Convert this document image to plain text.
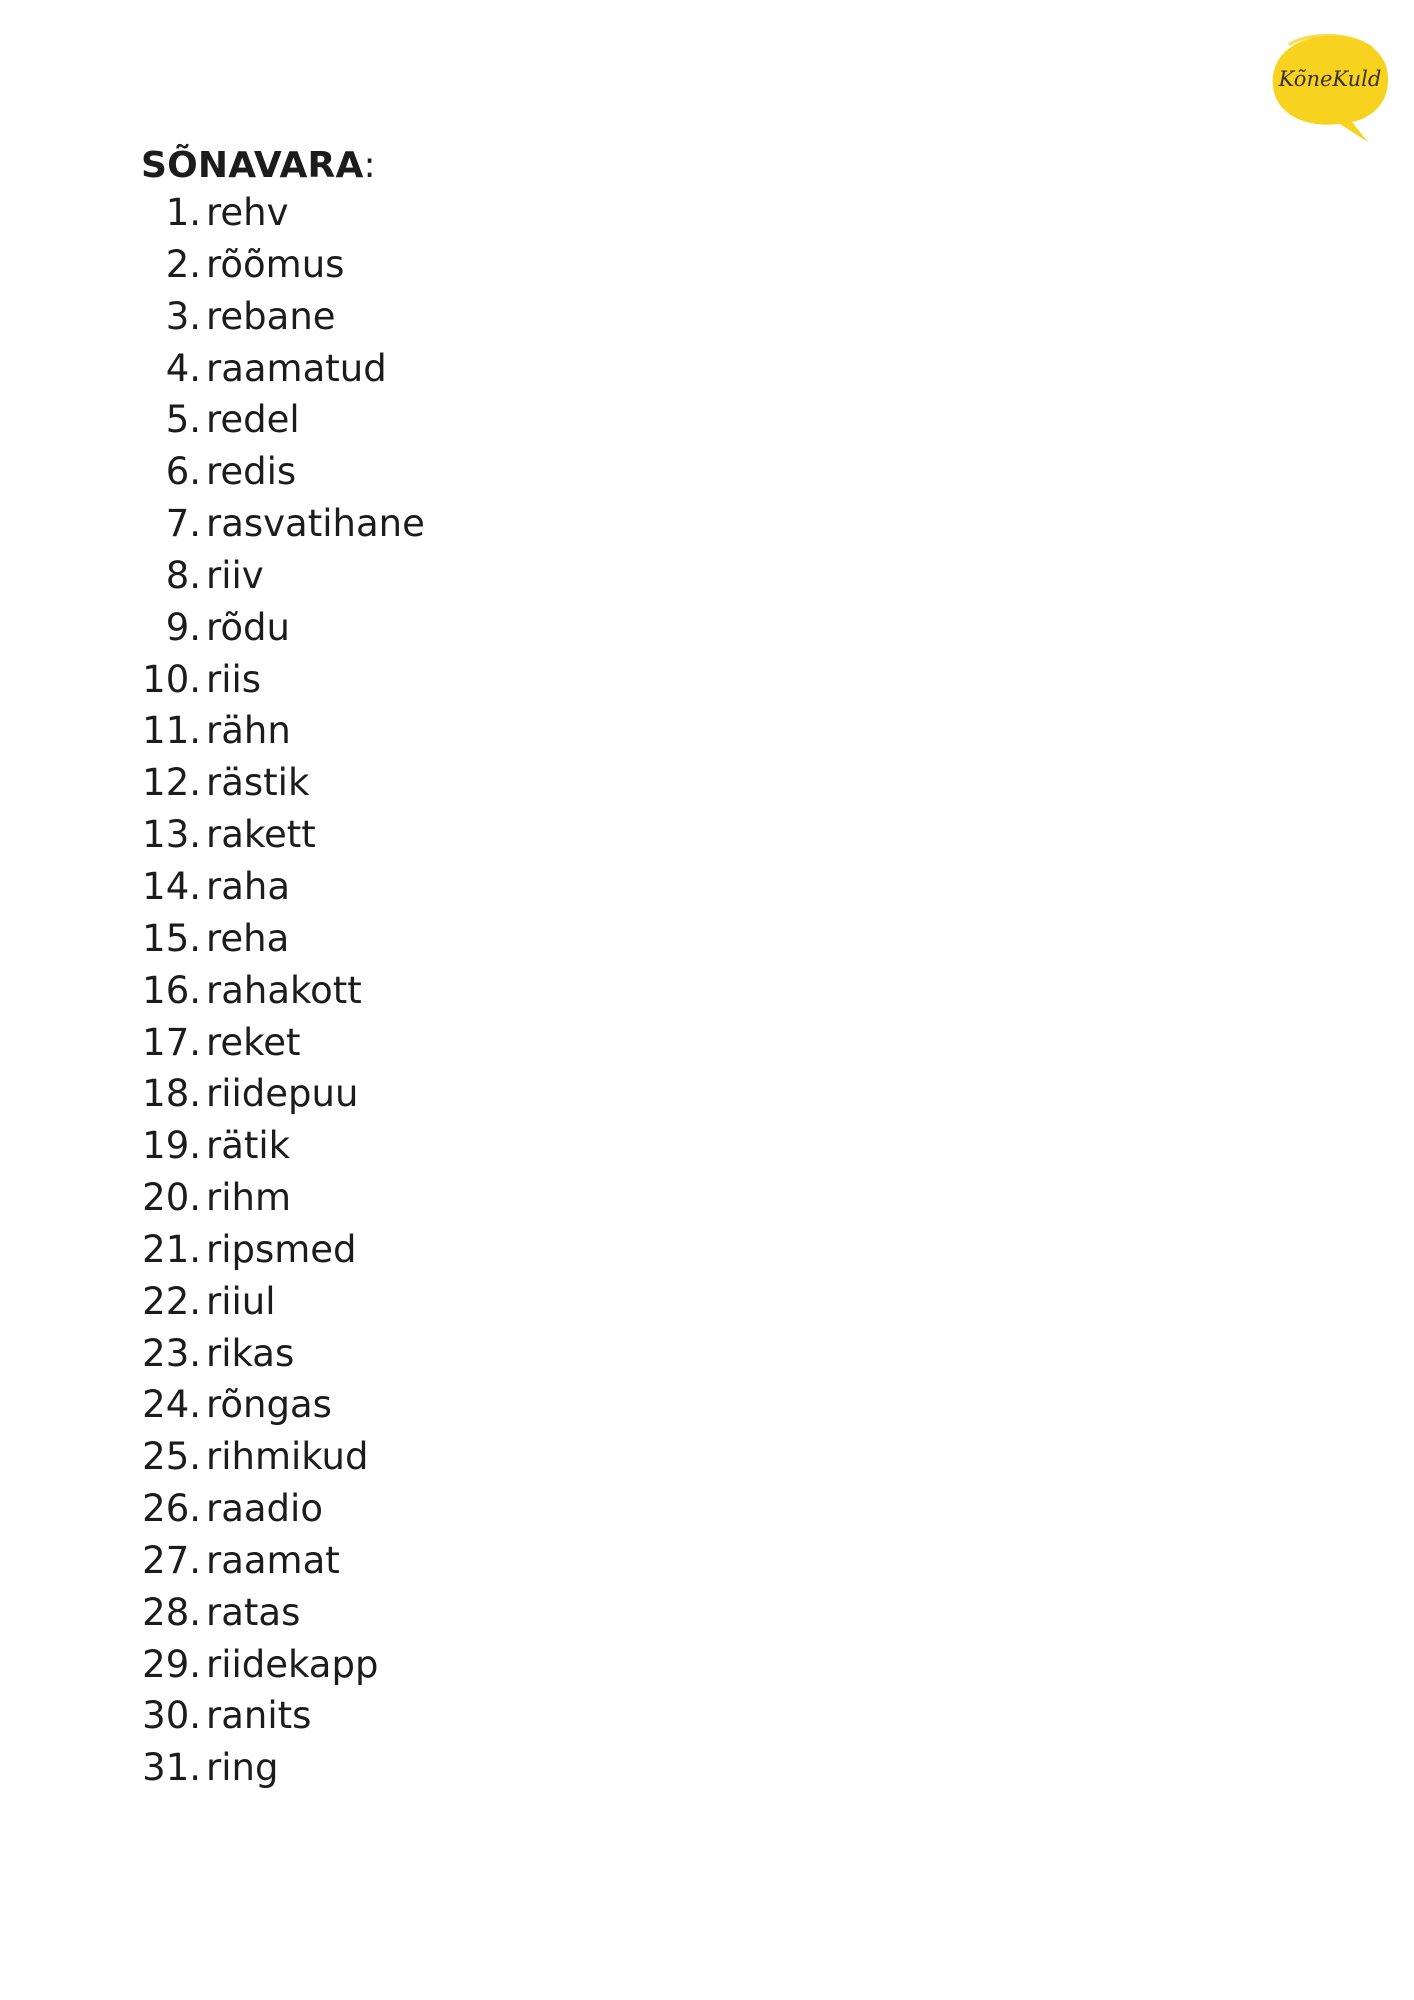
KõneKuld
SÕNAVARA:
1. rehv
2. rõõmus
3. rebane
4. raamatud
5. redel
6. redis
7. rasvatihane
8. riiv
9. rõdu
10. riis
11. rähn
12. rästik
13. rakett
14. raha
15. reha
16. rahakott
17. reket
18. riidepuu
19. rätik
20. rihm
21. ripsmed
22. riiul
23. rikas
24. rõngas
25. rihmikud
26. raadio
27. raamat
28. ratas
29. riidekapp
30. ranits
31. ring
